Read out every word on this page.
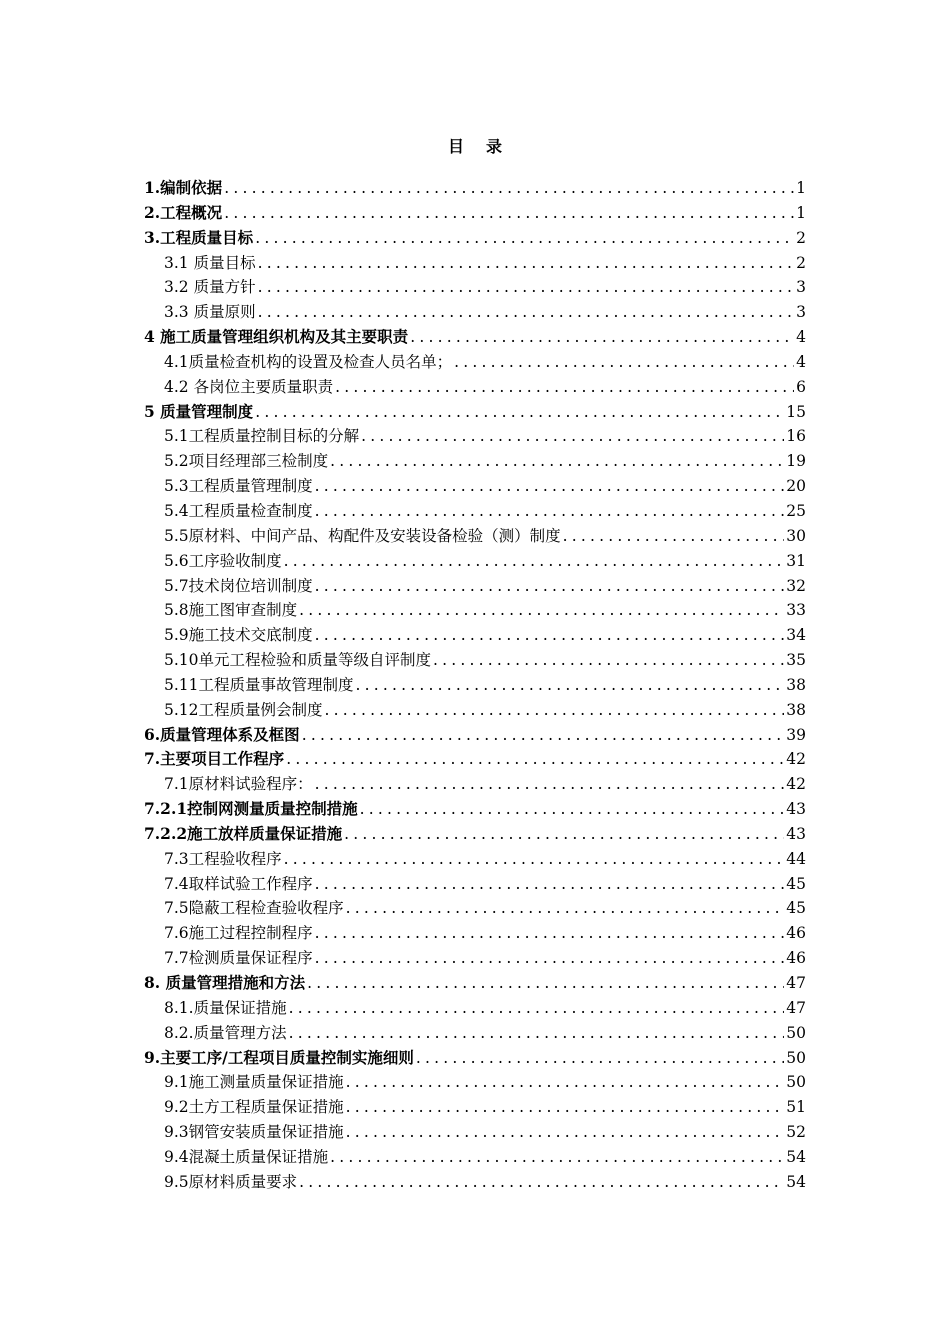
目 录
1.编制依据 .....	1
2.工程概况 .....	1
3.工程质量目标 .....	2
3.1 质量目标 .....	2
3.2 质量方针 .....	3
3.3 质量原则 .....	3
4 施工质量管理组织机构及其主要职责 .....	4
4.1质量检查机构的设置及检查人员名单； .....	4
4.2 各岗位主要质量职责 .....	6
5 质量管理制度 .....	15
5.1工程质量控制目标的分解 .....	16
5.2项目经理部三检制度 .....	19
5.3工程质量管理制度 .....	20
5.4工程质量检查制度 .....	25
5.5原材料、中间产品、构配件及安装设备检验（测）制度 .....	30
5.6工序验收制度 .....	31
5.7技术岗位培训制度 .....	32
5.8施工图审查制度 .....	33
5.9施工技术交底制度 .....	34
5.10单元工程检验和质量等级自评制度 .....	35
5.11工程质量事故管理制度 .....	38
5.12工程质量例会制度 .....	38
6.质量管理体系及框图 .....	39
7.主要项目工作程序 .....	42
7.1原材料试验程序： .....	42
7.2.1控制网测量质量控制措施 .....	43
7.2.2施工放样质量保证措施 .....	43
7.3工程验收程序 .....	44
7.4取样试验工作程序 .....	45
7.5隐蔽工程检查验收程序 .....	45
7.6施工过程控制程序 .....	46
7.7检测质量保证程序 .....	46
8. 质量管理措施和方法 .....	47
8.1.质量保证措施 .....	47
8.2.质量管理方法 .....	50
9.主要工序/工程项目质量控制实施细则 .....	50
9.1施工测量质量保证措施 .....	50
9.2土方工程质量保证措施 .....	51
9.3钢管安装质量保证措施 .....	52
9.4混凝土质量保证措施 .....	54
9.5原材料质量要求 .....	54
